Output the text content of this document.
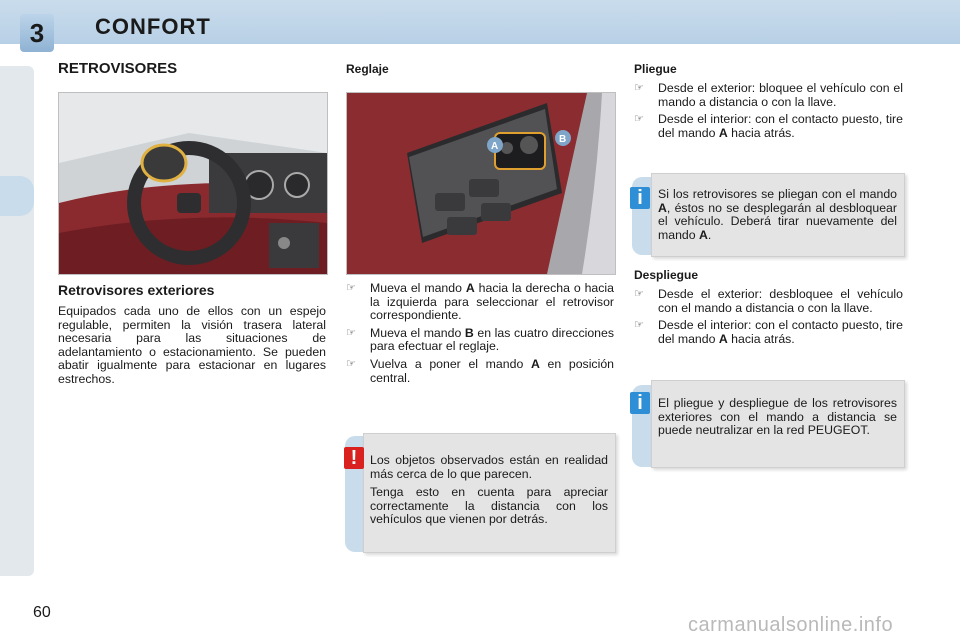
3	CONFORT
RETROVISORES
Retrovisores exteriores
Equipados cada uno de ellos con un espejo regulable, permiten la visión trasera lateral necesaria para las situaciones de adelantamiento o estacionamiento. Se pueden abatir igualmente para estacionar en lugares estrechos.
Reglaje
A
B
☞ Mueva el mando A hacia la derecha o hacia la izquierda para seleccionar el retrovisor correspondiente.
☞ Mueva el mando B en las cuatro direcciones para efectuar el reglaje.
☞ Vuelva a poner el mando A en posición central.
!	Los objetos observados están en realidad más cerca de lo que parecen.

Tenga esto en cuenta para apreciar correctamente la distancia con los vehículos que vienen por detrás.

Pliegue
☞ Desde el exterior: bloquee el vehículo con el mando a distancia o con la llave.
☞ Desde el interior: con el contacto puesto, tire del mando A hacia atrás.
i	Si los retrovisores se pliegan con el mando A, éstos no se desplegarán al desbloquear el vehículo. Deberá tirar nuevamente del mando A.
Despliegue
☞ Desde el exterior: desbloquee el vehículo con el mando a distancia o con la llave.
☞ Desde el interior: con el contacto puesto, tire del mando A hacia atrás.
i	El pliegue y despliegue de los retrovisores exteriores con el mando a distancia se puede neutralizar en la red PEUGEOT.
60
carmanualsonline.info
